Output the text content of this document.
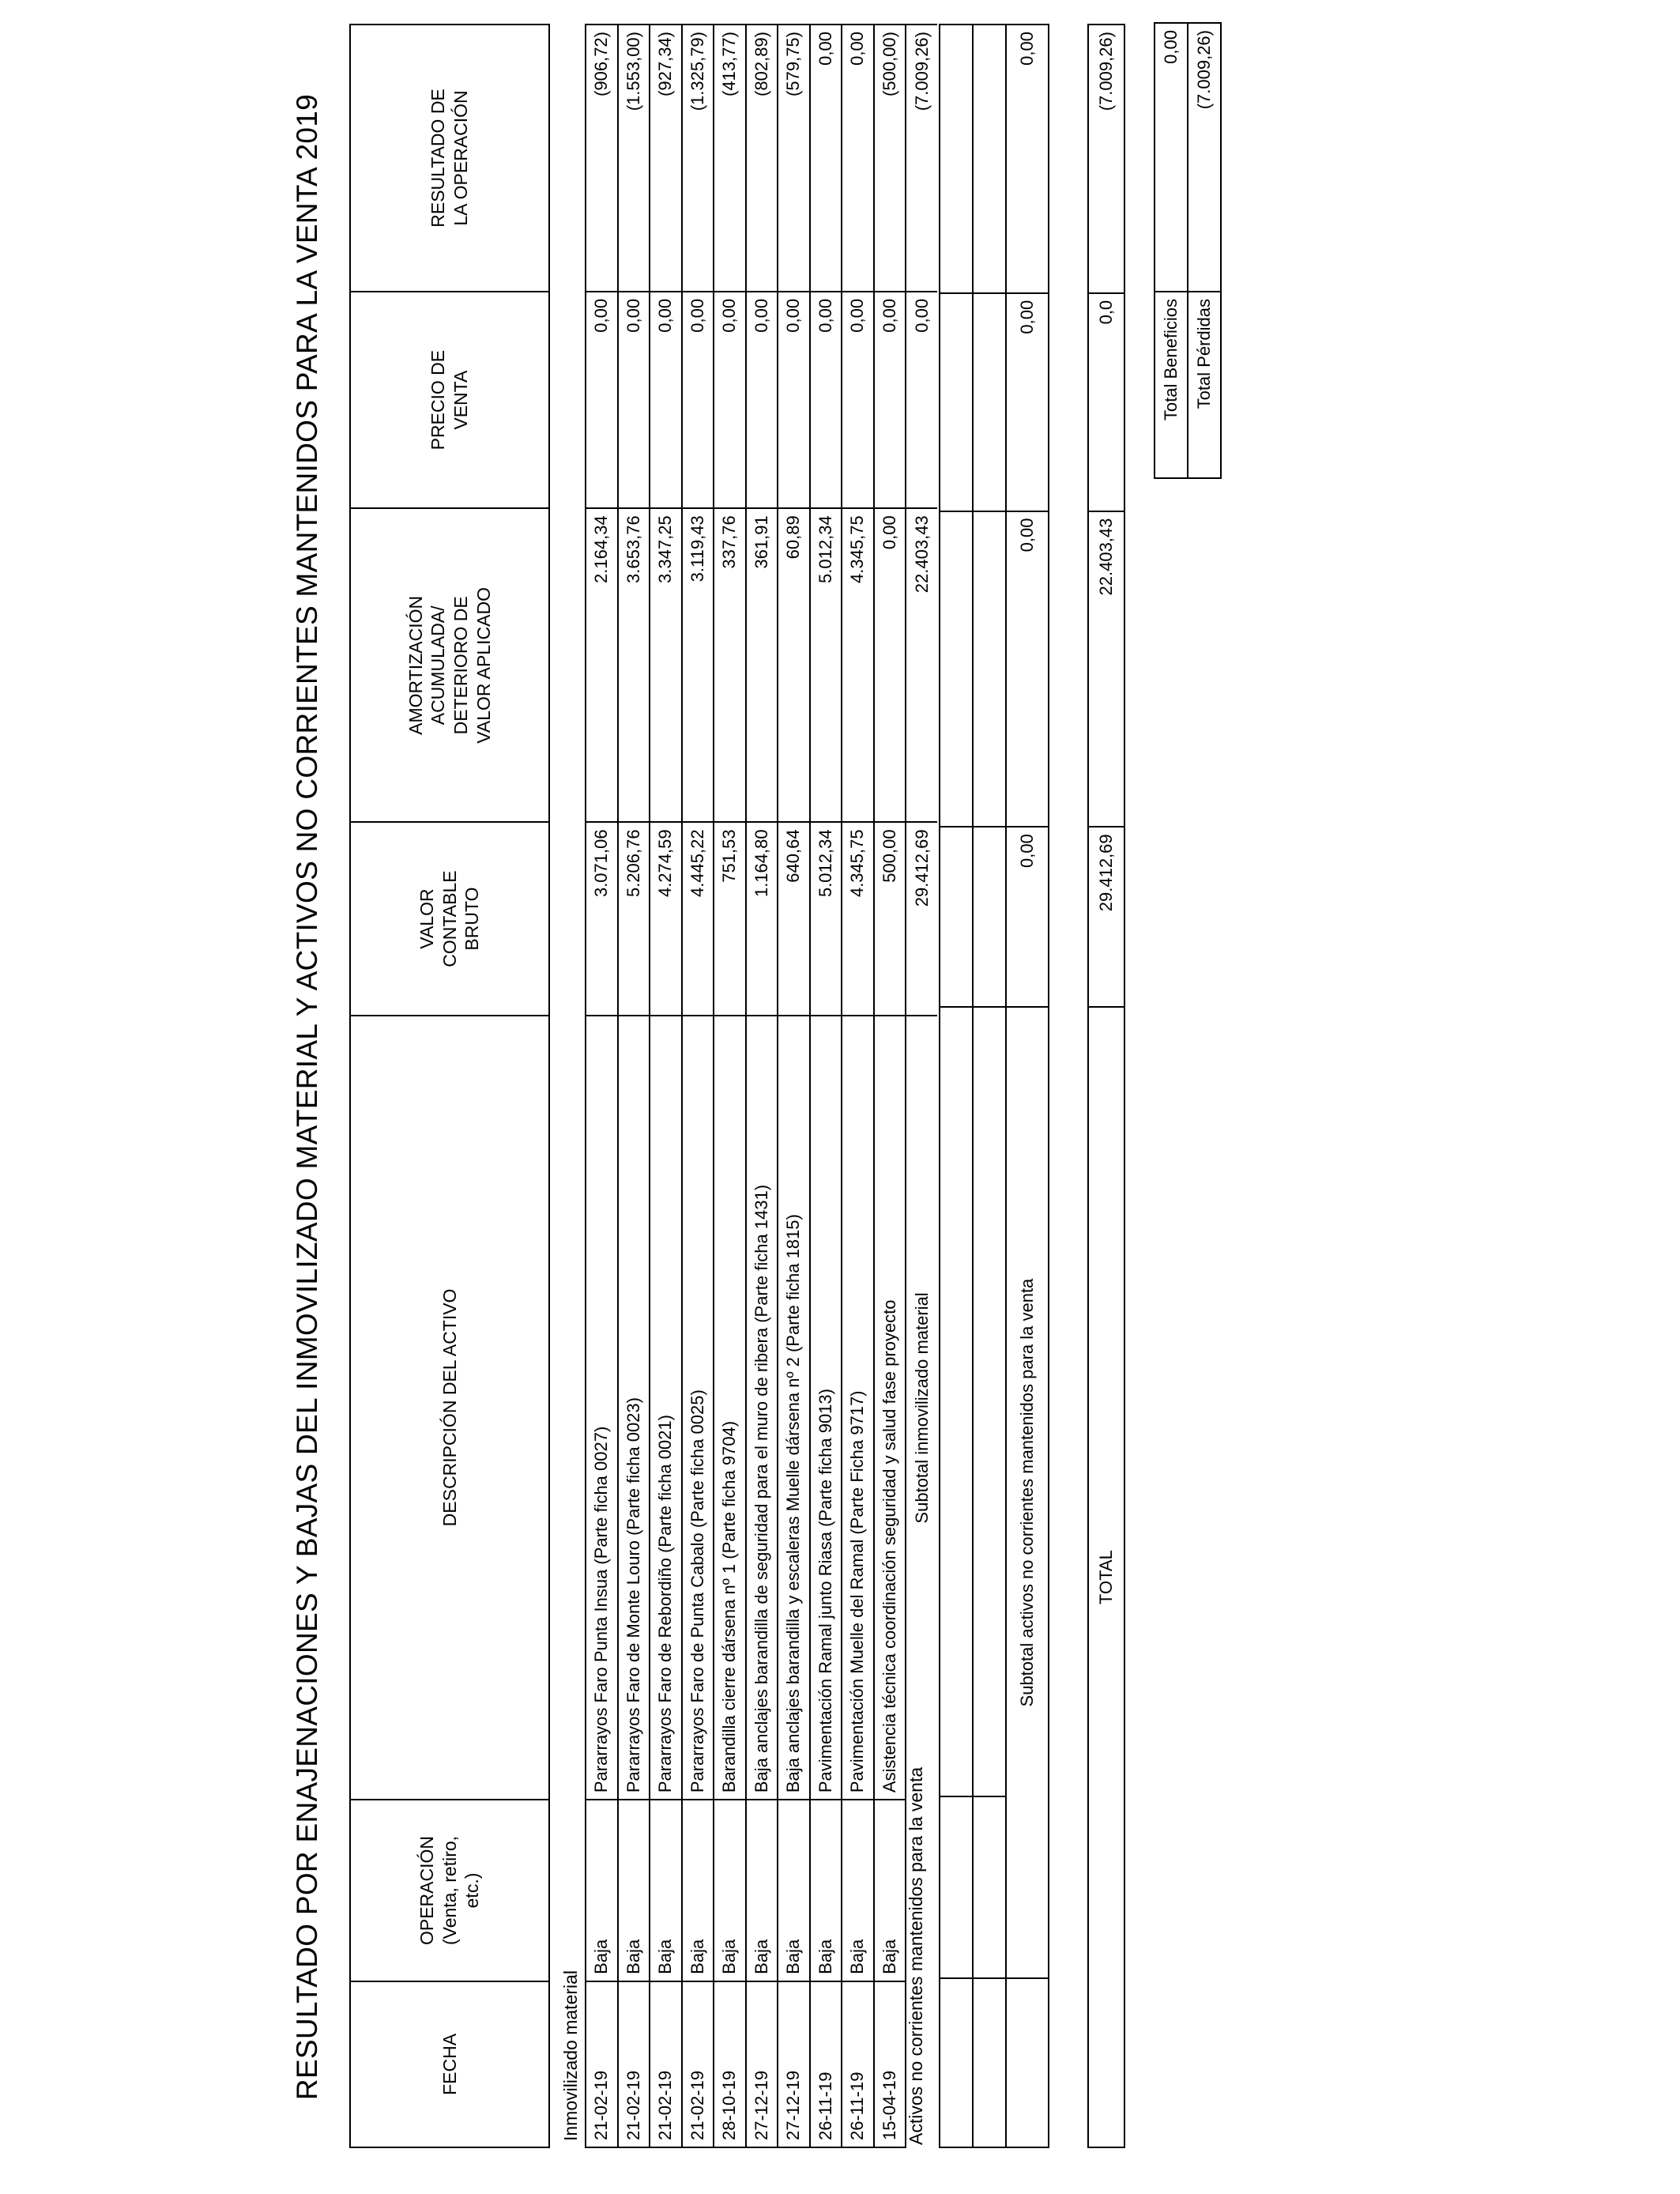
RESULTADO POR ENAJENACIONES Y BAJAS DEL INMOVILIZADO MATERIAL Y ACTIVOS NO CORRIENTES MANTENIDOS PARA LA VENTA 2019	FECHA	OPERACIÓN (Venta, retiro, etc.)	DESCRIPCIÓN DEL ACTIVO	VALOR CONTABLE BRUTO	AMORTIZACIÓN ACUMULADA/ DETERIORO DE VALOR APLICADO	PRECIO DE VENTA	RESULTADO DE LA OPERACIÓN
Inmovilizado material						
21-02-19	Baja	Pararrayos Faro Punta Insua (Parte ficha 0027)	3.071,06	2.164,34	0,00	(906,72)
21-02-19	Baja	Pararrayos Faro de Monte Louro (Parte ficha 0023)	5.206,76	3.653,76	0,00	(1.553,00)
21-02-19	Baja	Pararrayos Faro de Rebordiño (Parte ficha 0021)	4.274,59	3.347,25	0,00	(927,34)
21-02-19	Baja	Pararrayos Faro de Punta Cabalo (Parte ficha 0025)	4.445,22	3.119,43	0,00	(1.325,79)
28-10-19	Baja	Barandilla cierre dársena nº 1 (Parte ficha 9704)	751,53	337,76	0,00	(413,77)
27-12-19	Baja	Baja anclajes barandilla de seguridad para el muro de ribera (Parte ficha 1431)	1.164,80	361,91	0,00	(802,89)
27-12-19	Baja	Baja anclajes barandilla y escaleras Muelle dársena nº 2 (Parte ficha 1815)	640,64	60,89	0,00	(579,75)
26-11-19	Baja	Pavimentación Ramal junto Riasa (Parte ficha 9013)	5.012,34	5.012,34	0,00	0,00
26-11-19	Baja	Pavimentación Muelle del Ramal (Parte Ficha 9717)	4.345,75	4.345,75	0,00	0,00
15-04-19	Baja	Asistencia técnica coordinación seguridad y salud fase proyecto	500,00	0,00	0,00	(500,00)
		Subtotal inmovilizado material	29.412,69	22.403,43	0,00	(7.009,26)
Activos no corrientes mantenidos para la venta

	Subtotal activos no corrientes mantenidos para la venta		0,00	0,00	0,00	0,00
TOTAL	29.412,69	22.403,43	0,0	(7.009,26)
Total Beneficios	0,00
Total Pérdidas	(7.009,26)
